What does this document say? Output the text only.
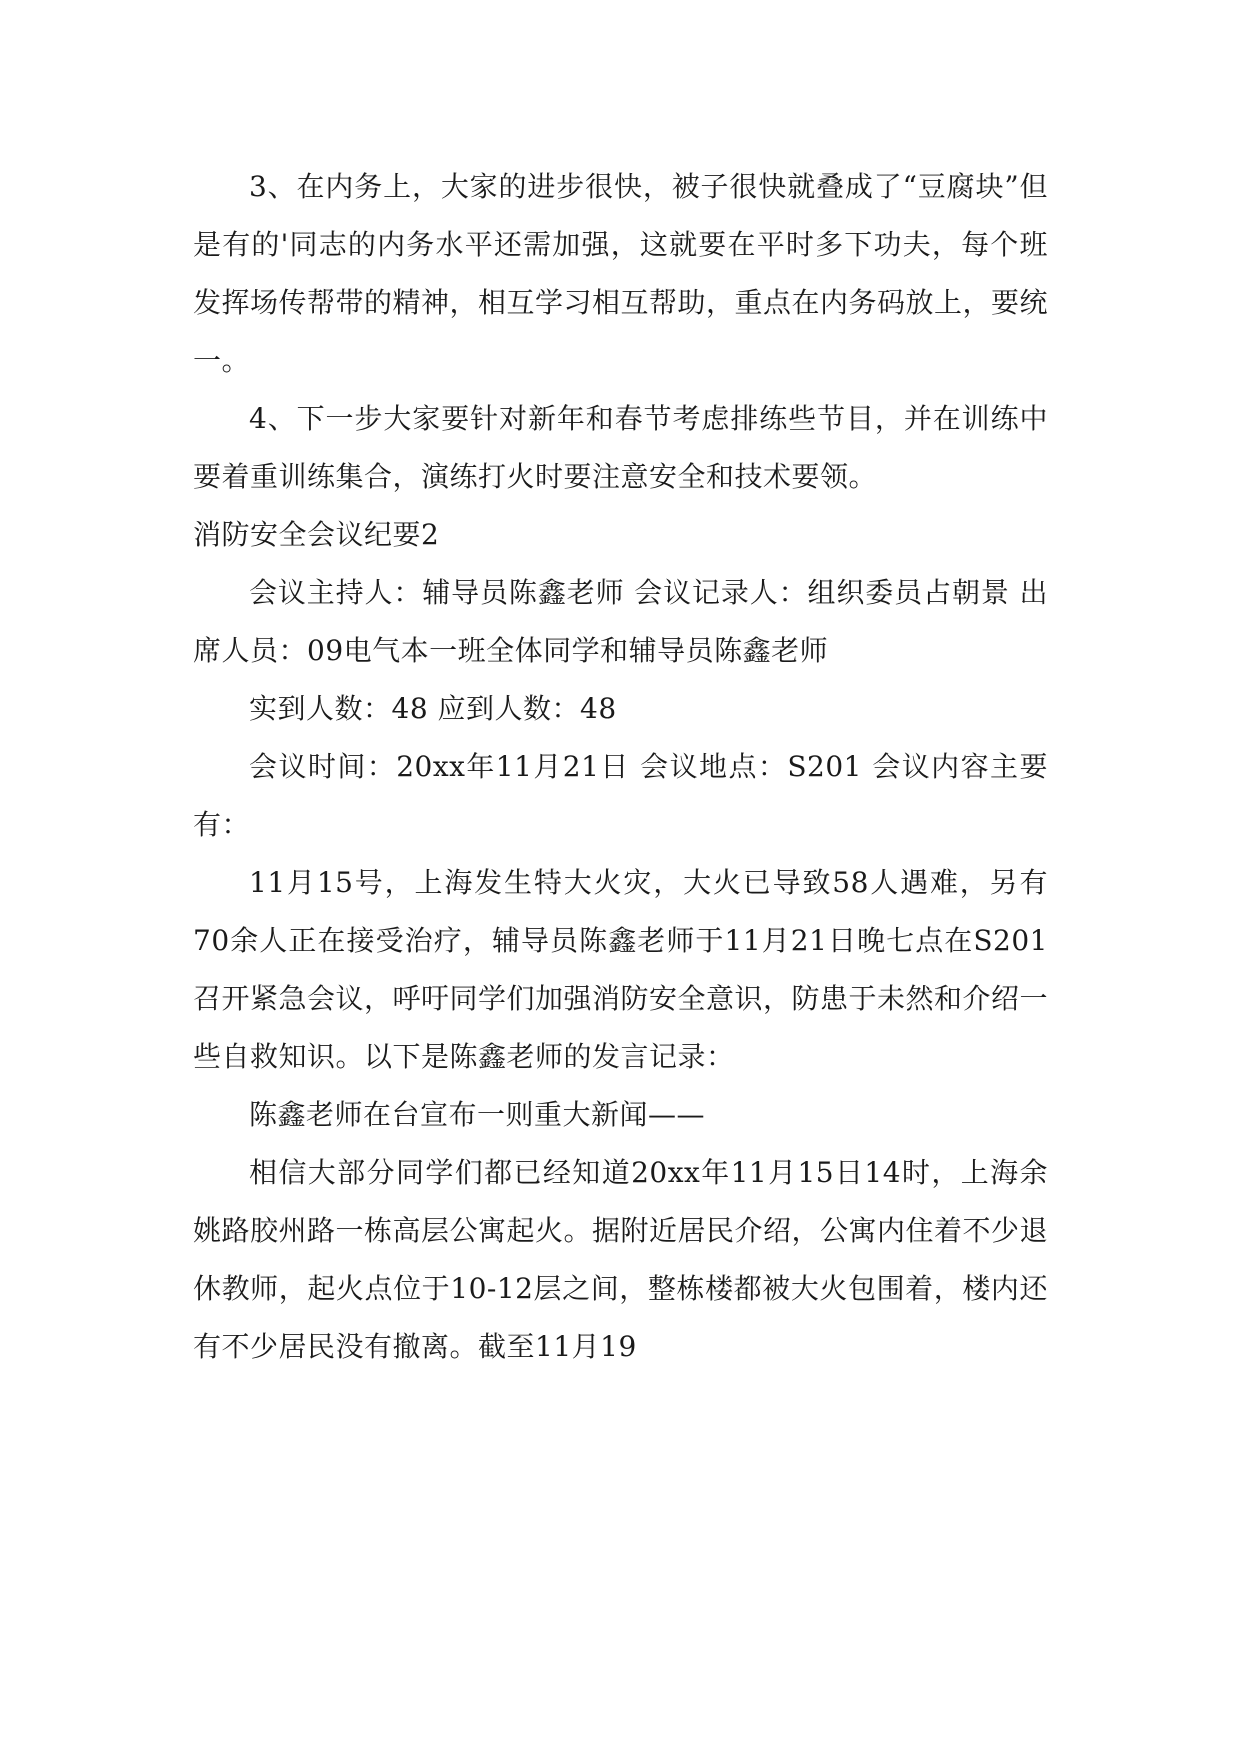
3、在内务上，大家的进步很快，被子很快就叠成了“豆腐块”但是有的'同志的内务水平还需加强，这就要在平时多下功夫，每个班发挥场传帮带的精神，相互学习相互帮助，重点在内务码放上，要统一。

4、下一步大家要针对新年和春节考虑排练些节目，并在训练中要着重训练集合，演练打火时要注意安全和技术要领。

消防安全会议纪要2

会议主持人：辅导员陈鑫老师 会议记录人：组织委员占朝景 出席人员：09电气本一班全体同学和辅导员陈鑫老师

实到人数：48 应到人数：48

会议时间：20xx年11月21日 会议地点：S201 会议内容主要有：

11月15号，上海发生特大火灾，大火已导致58人遇难，另有70余人正在接受治疗，辅导员陈鑫老师于11月21日晚七点在S201召开紧急会议，呼吁同学们加强消防安全意识，防患于未然和介绍一些自救知识。以下是陈鑫老师的发言记录：

陈鑫老师在台宣布一则重大新闻——

相信大部分同学们都已经知道20xx年11月15日14时，上海余姚路胶州路一栋高层公寓起火。据附近居民介绍，公寓内住着不少退休教师，起火点位于10-12层之间，整栋楼都被大火包围着，楼内还有不少居民没有撤离。截至11月19
